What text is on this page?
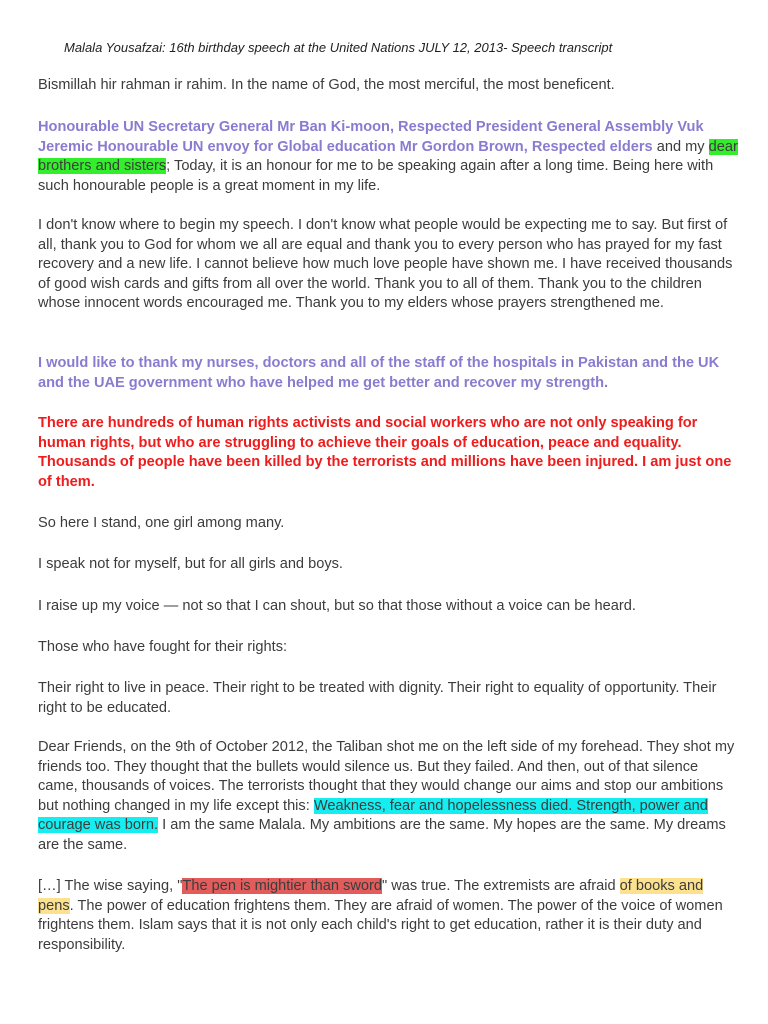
Malala Yousafzai: 16th birthday speech at the United Nations JULY 12, 2013- Speech transcript

Bismillah hir rahman ir rahim. In the name of God, the most merciful, the most beneficent.

Honourable UN Secretary General Mr Ban Ki-moon, Respected President General Assembly Vuk Jeremic Honourable UN envoy for Global education Mr Gordon Brown, Respected elders and my dear brothers and sisters; Today, it is an honour for me to be speaking again after a long time. Being here with such honourable people is a great moment in my life.

I don't know where to begin my speech. I don't know what people would be expecting me to say. But first of all, thank you to God for whom we all are equal and thank you to every person who has prayed for my fast recovery and a new life. I cannot believe how much love people have shown me. I have received thousands of good wish cards and gifts from all over the world. Thank you to all of them. Thank you to the children whose innocent words encouraged me. Thank you to my elders whose prayers strengthened me.

I would like to thank my nurses, doctors and all of the staff of the hospitals in Pakistan and the UK and the UAE government who have helped me get better and recover my strength.

There are hundreds of human rights activists and social workers who are not only speaking for human rights, but who are struggling to achieve their goals of education, peace and equality. Thousands of people have been killed by the terrorists and millions have been injured. I am just one of them.

So here I stand, one girl among many.

I speak not for myself, but for all girls and boys.

I raise up my voice — not so that I can shout, but so that those without a voice can be heard.

Those who have fought for their rights:

Their right to live in peace. Their right to be treated with dignity. Their right to equality of opportunity. Their right to be educated.

Dear Friends, on the 9th of October 2012, the Taliban shot me on the left side of my forehead. They shot my friends too. They thought that the bullets would silence us. But they failed. And then, out of that silence came, thousands of voices. The terrorists thought that they would change our aims and stop our ambitions but nothing changed in my life except this: Weakness, fear and hopelessness died. Strength, power and courage was born. I am the same Malala. My ambitions are the same. My hopes are the same. My dreams are the same.

[…] The wise saying, "The pen is mightier than sword" was true. The extremists are afraid of books and pens. The power of education frightens them. They are afraid of women. The power of the voice of women frightens them. Islam says that it is not only each child's right to get education, rather it is their duty and responsibility.
